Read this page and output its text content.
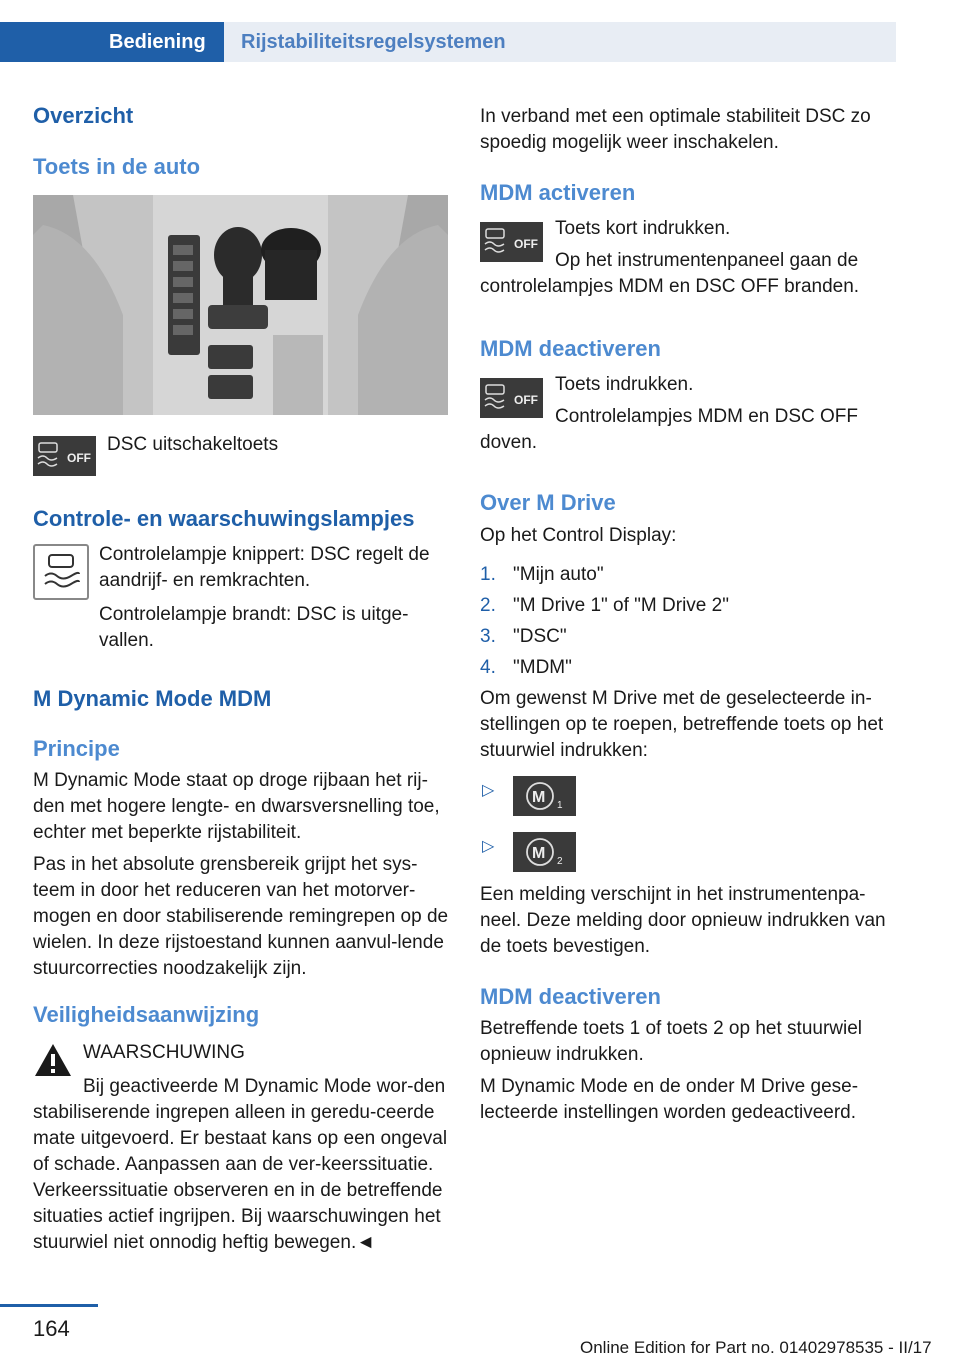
Bediening	Rijstabiliteitsregelsystemen
Overzicht
Toets in de auto
OFF

DSC uitschakeltoets

Controle- en waarschuwingslampjes

Controlelampje knippert: DSC regelt de aandrijf- en remkrachten.

Controlelampje brandt: DSC is uitge-vallen.

M Dynamic Mode MDM
Principe

M Dynamic Mode staat op droge rijbaan het rij-den met hogere lengte- en dwarsversnelling toe, echter met beperkte rijstabiliteit.

Pas in het absolute grensbereik grijpt het sys-teem in door het reduceren van het motorver-mogen en door stabiliserende remingrepen op de wielen. In deze rijstoestand kunnen aanvul-lende stuurcorrecties noodzakelijk zijn.

Veiligheidsaanwijzing

WAARSCHUWING

Bij geactiveerde M Dynamic Mode wor-den stabiliserende ingrepen alleen in geredu-ceerde mate uitgevoerd. Er bestaat kans op een ongeval of schade. Aanpassen aan de ver-keerssituatie. Verkeerssituatie observeren en in de betreffende situaties actief ingrijpen. Bij waarschuwingen het stuurwiel niet onnodig heftig bewegen.◄

In verband met een optimale stabiliteit DSC zo spoedig mogelijk weer inschakelen.

MDM activeren
OFF

Toets kort indrukken.

Op het instrumentenpaneel gaan de controlelampjes MDM en DSC OFF branden.

MDM deactiveren
OFF

Toets indrukken.

Controlelampjes MDM en DSC OFF doven.

Over M Drive

Op het Control Display:

1. "Mijn auto"
2. "M Drive 1" of "M Drive 2"
3. "DSC"
4. "MDM"

Om gewenst M Drive met de geselecteerde in-stellingen op te roepen, betreffende toets op het stuurwiel indrukken:

▷ M 1
▷ M 2

Een melding verschijnt in het instrumentenpa-neel. Deze melding door opnieuw indrukken van de toets bevestigen.

MDM deactiveren

Betreffende toets 1 of toets 2 op het stuurwiel opnieuw indrukken.

M Dynamic Mode en de onder M Drive gese-lecteerde instellingen worden gedeactiveerd.

164
Online Edition for Part no. 01402978535 - II/17
